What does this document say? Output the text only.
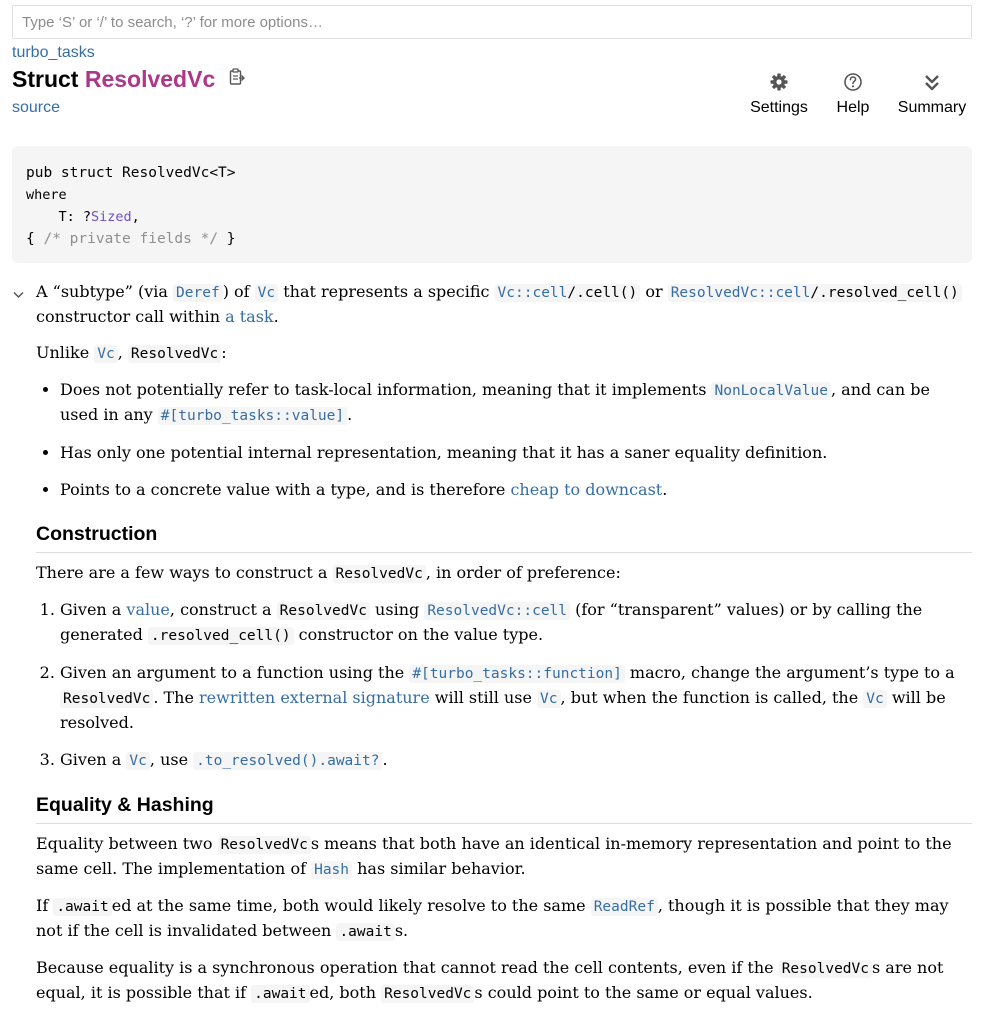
Type ‘S’ or ‘/’ to search, ‘?’ for more options…
turbo_tasks
Struct ResolvedVc
source	Settings Help Summary
pub struct ResolvedVc<T>
where
T: ?Sized,
{ /* private fields */ }

A “subtype” (via Deref ) of Vc that represents a specific Vc::cell/.cell() or ResolvedVc::cell/.resolved_cell() constructor call within a task.

Unlike Vc , ResolvedVc :

• Does not potentially refer to task-local information, meaning that it implements NonLocalValue , and can be used in any #[turbo_tasks::value] .
• Has only one potential internal representation, meaning that it has a saner equality definition.
• Points to a concrete value with a type, and is therefore cheap to downcast.
Construction

There are a few ways to construct a ResolvedVc , in order of preference:

1. Given a value, construct a ResolvedVc using ResolvedVc::cell (for “transparent” values) or by calling the generated .resolved_cell() constructor on the value type.
2. Given an argument to a function using the #[turbo_tasks::function] macro, change the argument’s type to a ResolvedVc . The rewritten external signature will still use Vc , but when the function is called, the Vc will be resolved.
3. Given a Vc , use .to_resolved().await? .
Equality & Hashing

Equality between two ResolvedVc s means that both have an identical in-memory representation and point to the same cell. The implementation of Hash has similar behavior.

If .await ed at the same time, both would likely resolve to the same ReadRef , though it is possible that they may not if the cell is invalidated between .await s.

Because equality is a synchronous operation that cannot read the cell contents, even if the ResolvedVc s are not equal, it is possible that if .await ed, both ResolvedVc s could point to the same or equal values.
